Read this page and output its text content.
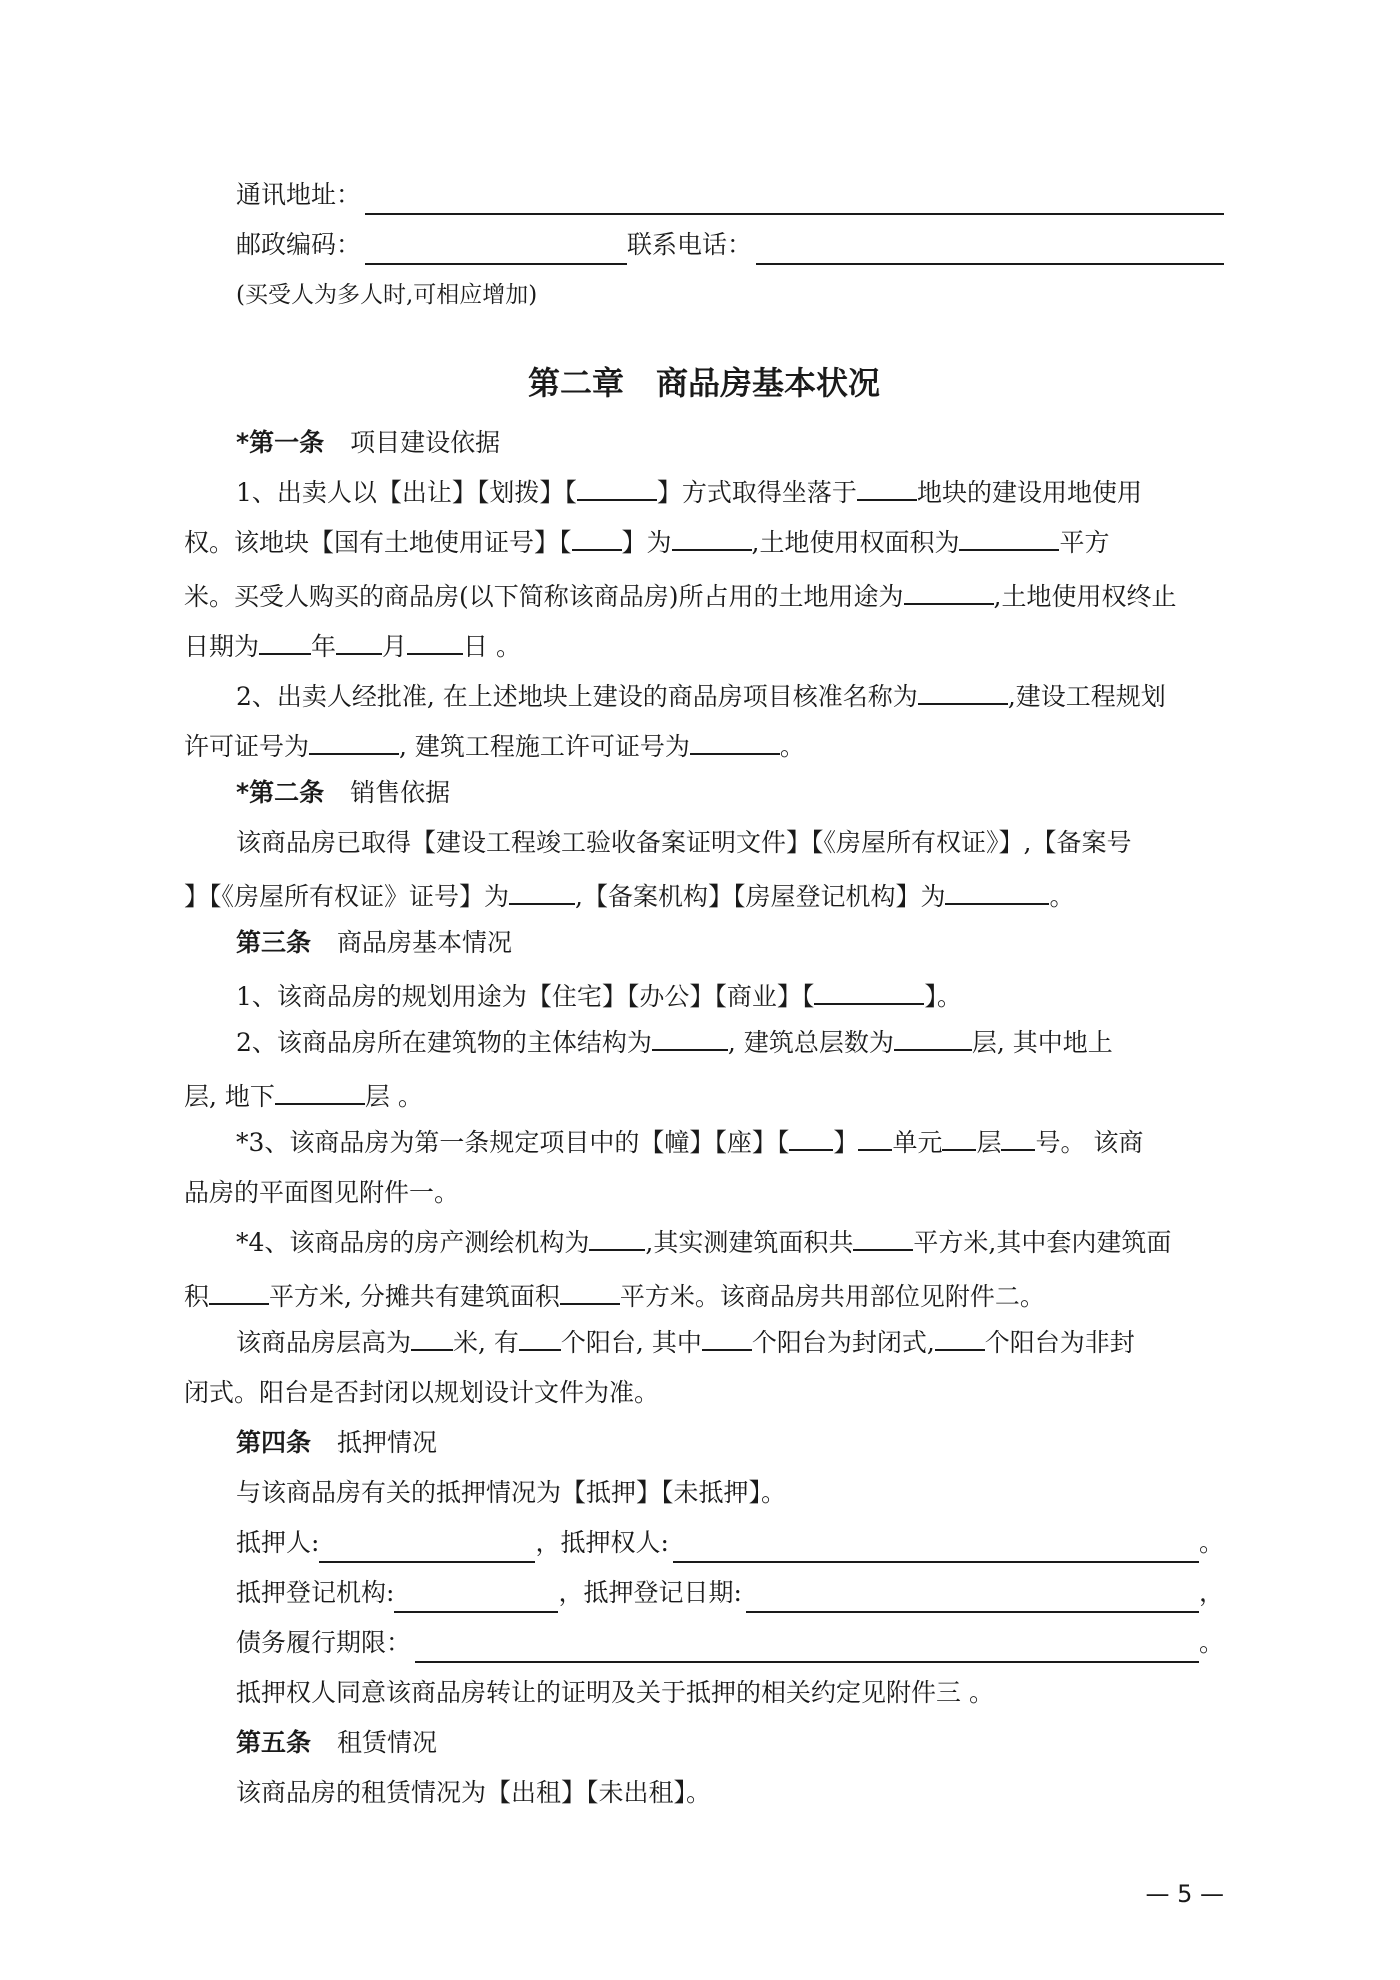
通讯地址：
邮政编码：	联系电话：
(买受人为多人时,可相应增加)
第二章　商品房基本状况
*第一条 项目建设依据
1、出卖人以【出让】【划拨】【	】方式取得坐落于 地块的建设用地使用
权。该地块【国有土地使用证号】【 】为	,土地使用权面积为	平方
米。买受人购买的商品房(以下简称该商品房)所占用的土地用途为	,土地使用权终止
日期为 年 月 日 。
2、出卖人经批准, 在上述地块上建设的商品房项目核准名称为	,建设工程规划
许可证号为	, 建筑工程施工许可证号为	。
*第二条 销售依据
该商品房已取得【建设工程竣工验收备案证明文件】【《房屋所有权证》】,【备案号
】【《房屋所有权证》证号】为	,【备案机构】【房屋登记机构】为	。
第三条 商品房基本情况
1、该商品房的规划用途为【住宅】【办公】【商业】【	】。
2、该商品房所在建筑物的主体结构为	, 建筑总层数为	层, 其中地上
层, 地下	层 。
*3、该商品房为第一条规定项目中的【幢】【座】【 】 单元 层 号。 该商
品房的平面图见附件一。
*4、该商品房的房产测绘机构为 ,其实测建筑面积共 平方米,其中套内建筑面
积 平方米, 分摊共有建筑面积 平方米。该商品房共用部位见附件二。
该商品房层高为 米, 有 个阳台, 其中 个阳台为封闭式, 个阳台为非封
闭式。阳台是否封闭以规划设计文件为准。
第四条 抵押情况
与该商品房有关的抵押情况为【抵押】【未抵押】。
抵押人:	，抵押权人:	。
抵押登记机构:	，抵押登记日期:	，
债务履行期限：	。
抵押权人同意该商品房转让的证明及关于抵押的相关约定见附件三 。
第五条 租赁情况
该商品房的租赁情况为【出租】【未出租】。
— 5 —
